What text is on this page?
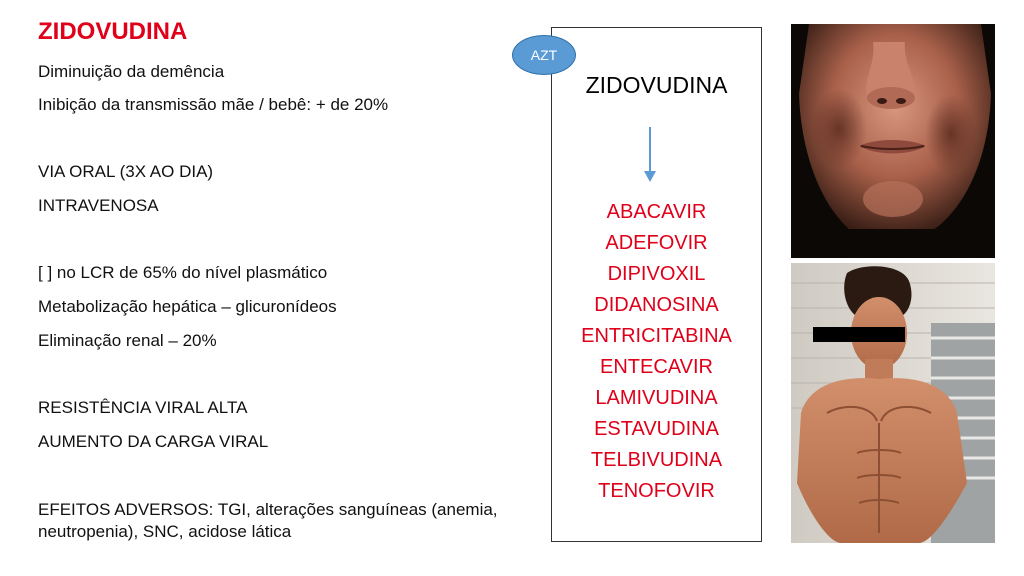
ZIDOVUDINA
Diminuição da demência
Inibição da transmissão mãe / bebê: + de 20%
VIA ORAL (3X AO DIA)
INTRAVENOSA
[ ] no LCR de 65% do nível plasmático
Metabolização hepática – glicuronídeos
Eliminação renal – 20%
RESISTÊNCIA VIRAL ALTA
AUMENTO DA CARGA VIRAL
EFEITOS ADVERSOS: TGI, alterações sanguíneas (anemia, neutropenia), SNC, acidose lática
AZT
ZIDOVUDINA
ABACAVIR
ADEFOVIR
DIPIVOXIL
DIDANOSINA
ENTRICITABINA
ENTECAVIR
LAMIVUDINA
ESTAVUDINA
TELBIVUDINA
TENOFOVIR
